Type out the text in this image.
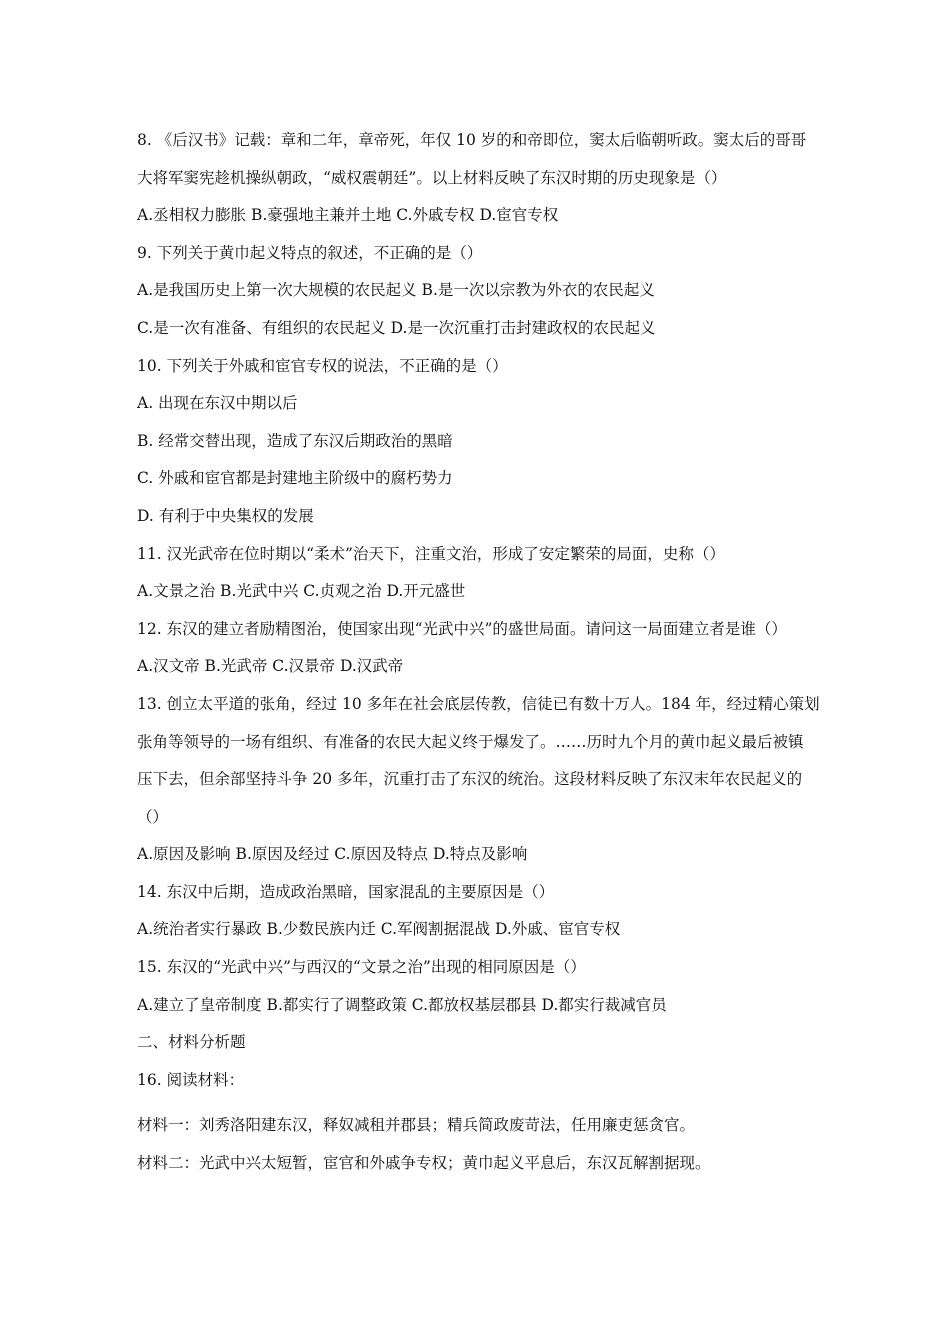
8. 《后汉书》记载：章和二年，章帝死，年仅 10 岁的和帝即位，窦太后临朝听政。窦太后的哥哥
大将军窦宪趁机操纵朝政，“威权震朝廷”。以上材料反映了东汉时期的历史现象是（）
A.丞相权力膨胀 B.豪强地主兼并土地 C.外戚专权 D.宦官专权
9. 下列关于黄巾起义特点的叙述，不正确的是（）
A.是我国历史上第一次大规模的农民起义 B.是一次以宗教为外衣的农民起义
C.是一次有准备、有组织的农民起义 D.是一次沉重打击封建政权的农民起义
10. 下列关于外戚和宦官专权的说法，不正确的是（）
A. 出现在东汉中期以后
B. 经常交替出现，造成了东汉后期政治的黑暗
C. 外戚和宦官都是封建地主阶级中的腐朽势力
D. 有利于中央集权的发展
11. 汉光武帝在位时期以“柔术”治天下，注重文治，形成了安定繁荣的局面，史称（）
A.文景之治 B.光武中兴 C.贞观之治 D.开元盛世
12. 东汉的建立者励精图治，使国家出现“光武中兴”的盛世局面。请问这一局面建立者是谁（）
A.汉文帝 B.光武帝 C.汉景帝 D.汉武帝
13. 创立太平道的张角，经过 10 多年在社会底层传教，信徒已有数十万人。184 年，经过精心策划
张角等领导的一场有组织、有准备的农民大起义终于爆发了。……历时九个月的黄巾起义最后被镇
压下去，但余部坚持斗争 20 多年，沉重打击了东汉的统治。这段材料反映了东汉末年农民起义的
（）
A.原因及影响 B.原因及经过 C.原因及特点 D.特点及影响
14. 东汉中后期，造成政治黑暗，国家混乱的主要原因是（）
A.统治者实行暴政 B.少数民族内迁 C.军阀割据混战 D.外戚、宦官专权
15. 东汉的“光武中兴”与西汉的“文景之治”出现的相同原因是（）
A.建立了皇帝制度 B.都实行了调整政策 C.都放权基层郡县 D.都实行裁减官员
二、材料分析题
16. 阅读材料：
材料一：刘秀洛阳建东汉，释奴减租并郡县；精兵简政废苛法，任用廉吏惩贪官。
材料二：光武中兴太短暂，宦官和外戚争专权；黄巾起义平息后，东汉瓦解割据现。
